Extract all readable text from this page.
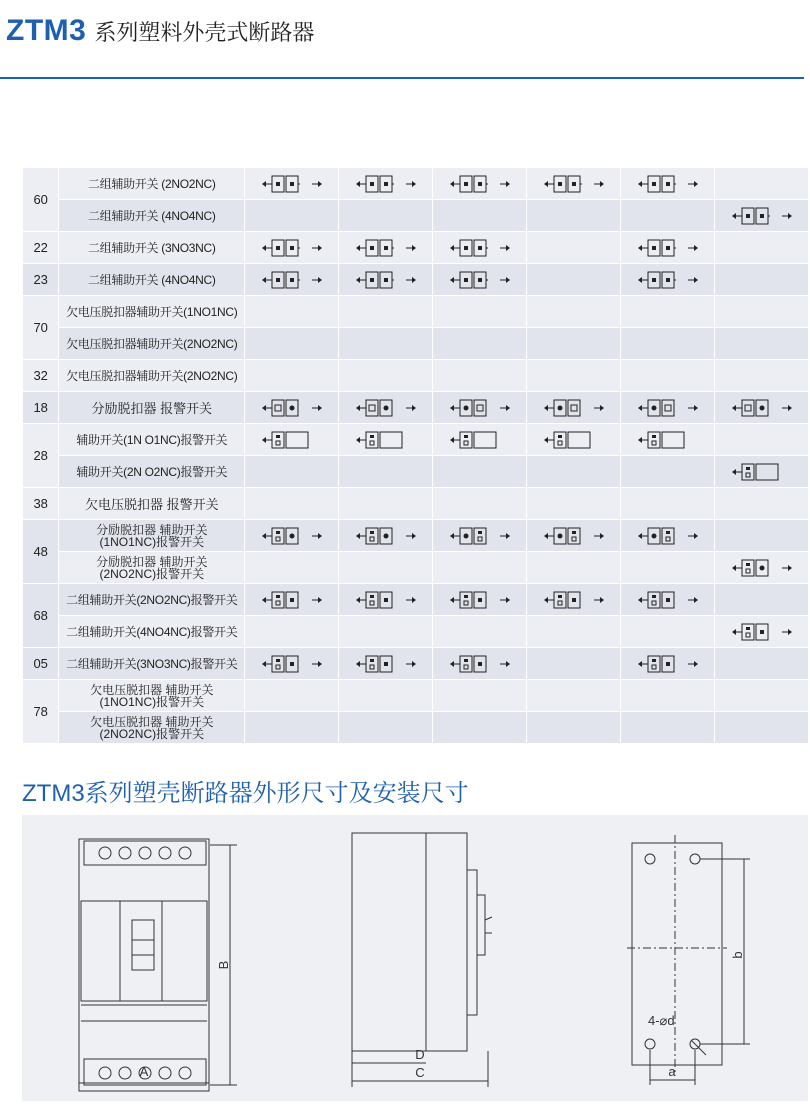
ZTM3 系列塑料外壳式断路器
60	二组辅助开关 (2NO2NC)	

	二组辅助开关 (4NO4NC)						

22	二组辅助开关 (3NO3NC)	

23	二组辅助开关 (4NO4NC)	

70	欠电压脱扣器辅助开关(1NO1NC)						
	欠电压脱扣器辅助开关(2NO2NC)						
32	欠电压脱扣器辅助开关(2NO2NC)						
18	分励脱扣器 报警开关	

28	辅助开关(1N O1NC)报警开关	

	辅助开关(2N O2NC)报警开关						

38	欠电压脱扣器 报警开关						
48	分励脱扣器 辅助开关
(1NO1NC)报警开关

	分励脱扣器 辅助开关
(2NO2NC)报警开关

68	二组辅助开关(2NO2NC)报警开关	

	二组辅助开关(4NO4NC)报警开关						

05	二组辅助开关(3NO3NC)报警开关	

78	欠电压脱扣器 辅助开关
(1NO1NC)报警开关						

	欠电压脱扣器 辅助开关
(2NO2NC)报警开关						

ZTM3系列塑壳断路器外形尺寸及安装尺寸
B
A
D
C
b
a
4-⌀d
